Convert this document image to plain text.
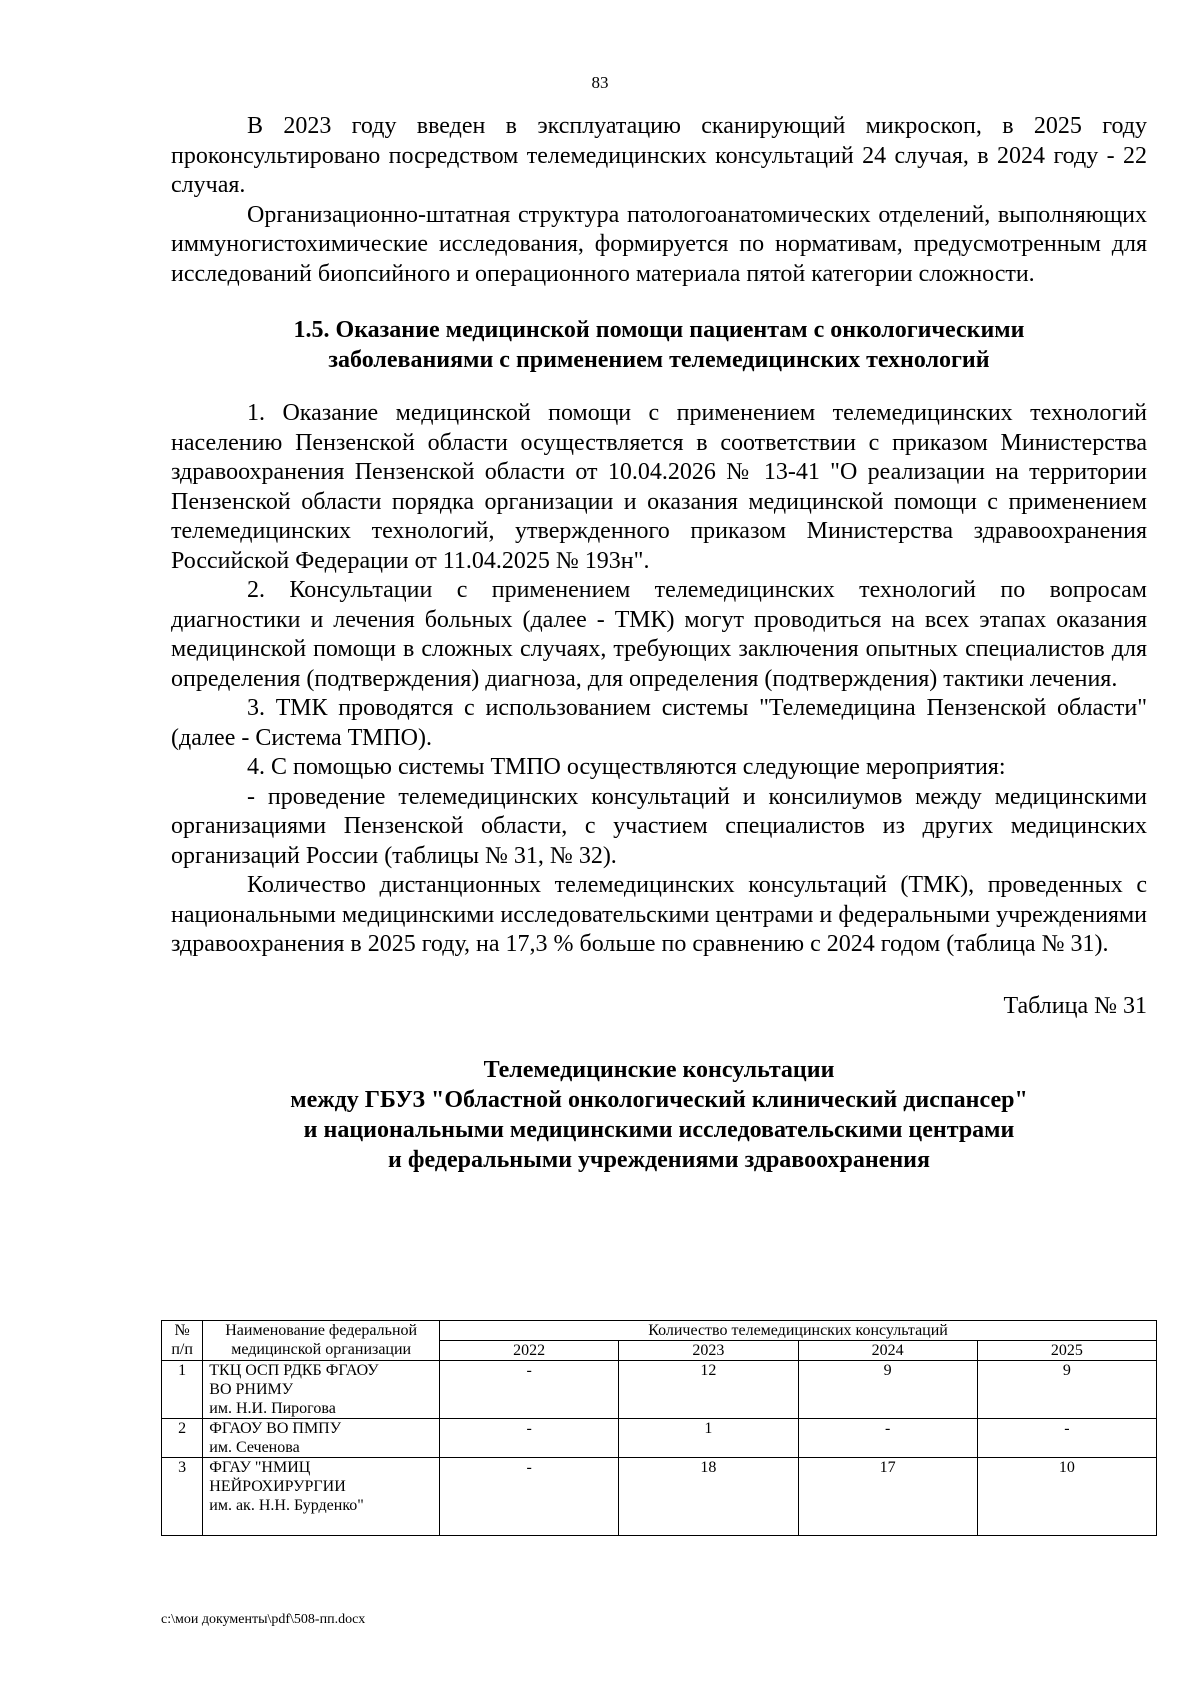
83

В 2023 году введен в эксплуатацию сканирующий микроскоп, в 2025 году проконсультировано посредством телемедицинских консультаций 24 случая, в 2024 году - 22 случая.

Организационно-штатная структура патологоанатомических отделений, выполняющих иммуногистохимические исследования, формируется по нормативам, предусмотренным для исследований биопсийного и операционного материала пятой категории сложности.

1.5. Оказание медицинской помощи пациентам с онкологическими
заболеваниями с применением телемедицинских технологий

1. Оказание медицинской помощи с применением телемедицинских технологий населению Пензенской области осуществляется в соответствии с приказом Министерства здравоохранения Пензенской области от 10.04.2026 № 13-41 "О реализации на территории Пензенской области порядка организации и оказания медицинской помощи с применением телемедицинских технологий, утвержденного приказом Министерства здравоохранения Российской Федерации от 11.04.2025 № 193н".

2. Консультации с применением телемедицинских технологий по вопросам диагностики и лечения больных (далее - ТМК) могут проводиться на всех этапах оказания медицинской помощи в сложных случаях, требующих заключения опытных специалистов для определения (подтверждения) диагноза, для определения (подтверждения) тактики лечения.

3. ТМК проводятся с использованием системы "Телемедицина Пензенской области" (далее - Система ТМПО).

4. С помощью системы ТМПО осуществляются следующие мероприятия:

- проведение телемедицинских консультаций и консилиумов между медицинскими организациями Пензенской области, с участием специалистов из других медицинских организаций России (таблицы № 31, № 32).

Количество дистанционных телемедицинских консультаций (ТМК), проведенных с национальными медицинскими исследовательскими центрами и федеральными учреждениями здравоохранения в 2025 году, на 17,3 % больше по сравнению с 2024 годом (таблица № 31).

Таблица № 31
Телемедицинские консультации
между ГБУЗ "Областной онкологический клинический диспансер"
и национальными медицинскими исследовательскими центрами
и федеральными учреждениями здравоохранения
№ п/п	Наименование федеральной медицинской организации	Количество телемедицинских консультаций			
		2022	2023	2024	2025
1	ТКЦ ОСП РДКБ ФГАОУ
ВО РНИМУ
им. Н.И. Пирогова	-	12	9	9
2	ФГАОУ ВО ПМПУ
им. Сеченова	-	1	-	-
3	ФГАУ "НМИЦ
НЕЙРОХИРУРГИИ
им. ак. Н.Н. Бурденко"	-	18	17	10
c:\мои документы\pdf\508-пп.docx
